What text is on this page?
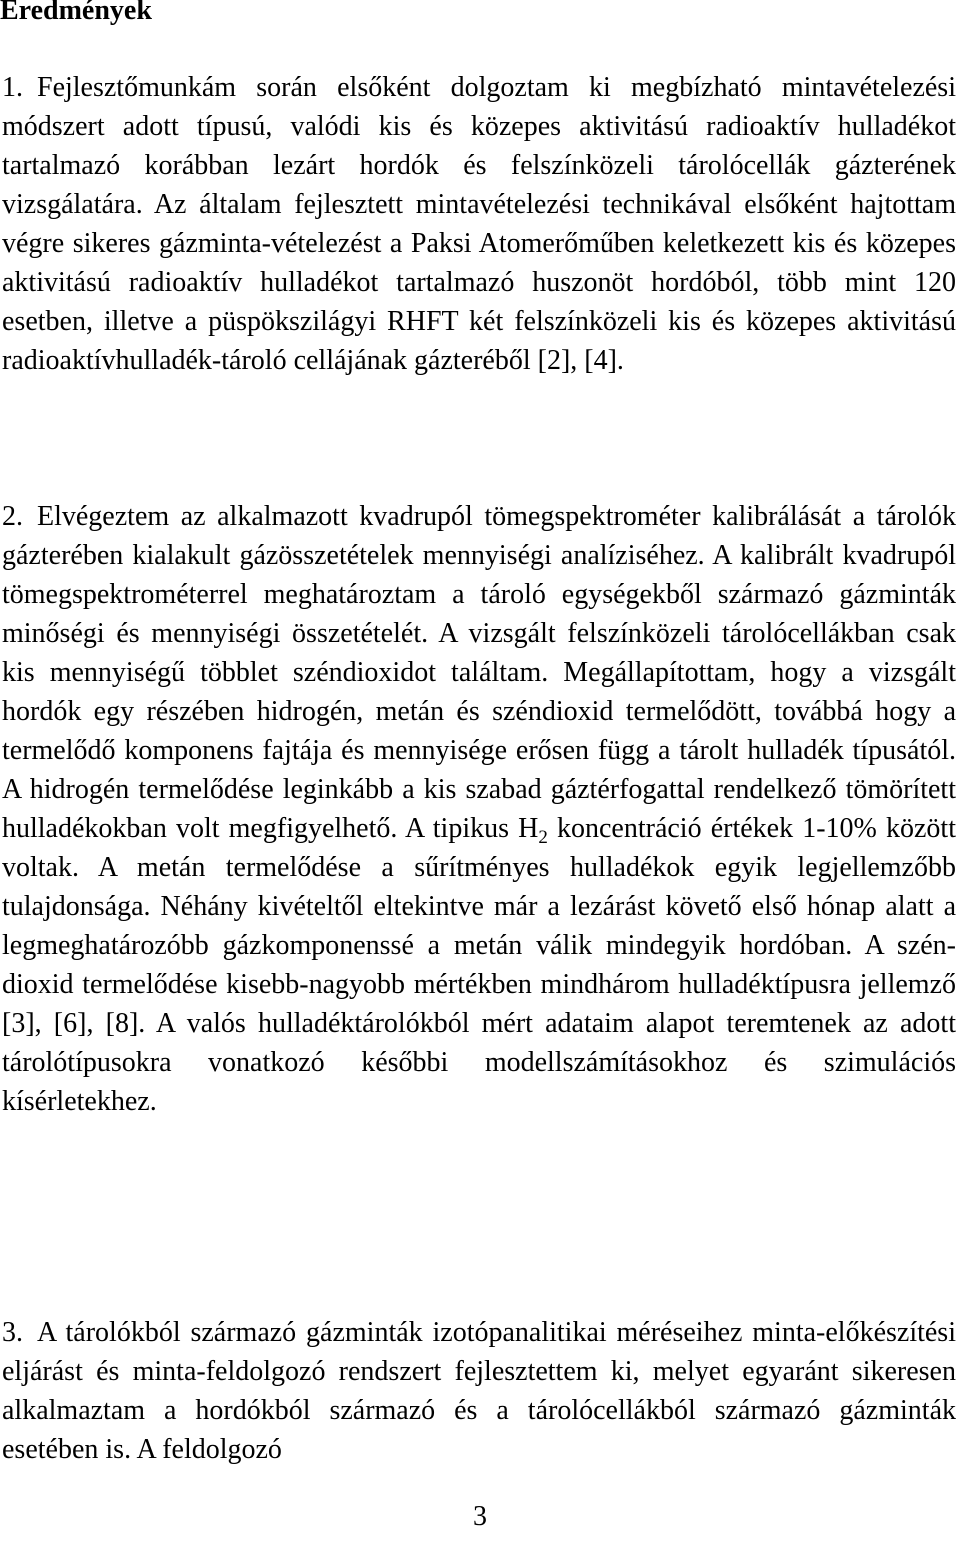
Eredmények

1. Fejlesztőmunkám során elsőként dolgoztam ki megbízható mintavételezési módszert adott típusú, valódi kis és közepes aktivitású radioaktív hulladékot tartalmazó korábban lezárt hordók és felszínközeli tárolócellák gázterének vizsgálatára. Az általam fejlesztett mintavételezési technikával elsőként hajtottam végre sikeres gázminta-vételezést a Paksi Atomerőműben keletkezett kis és közepes aktivitású radioaktív hulladékot tartalmazó huszonöt hordóból, több mint 120 esetben, illetve a püspökszilágyi RHFT két felszínközeli kis és közepes aktivitású radioaktívhulladék-tároló cellájának gázteréből [2], [4].

2. Elvégeztem az alkalmazott kvadrupól tömegspektrométer kalibrálását a tárolók gázterében kialakult gázösszetételek mennyiségi analíziséhez. A kalibrált kvadrupól tömegspektrométerrel meghatároztam a tároló egységekből származó gázminták minőségi és mennyiségi összetételét. A vizsgált felszínközeli tárolócellákban csak kis mennyiségű többlet széndioxidot találtam. Megállapítottam, hogy a vizsgált hordók egy részében hidrogén, metán és széndioxid termelődött, továbbá hogy a termelődő komponens fajtája és mennyisége erősen függ a tárolt hulladék típusától. A hidrogén termelődése leginkább a kis szabad gáztérfogattal rendelkező tömörített hulladékokban volt megfigyelhető. A tipikus $H_2$ koncentráció értékek 1-10% között voltak. A metán termelődése a sűrítményes hulladékok egyik legjellemzőbb tulajdonsága. Néhány kivételtől eltekintve már a lezárást követő első hónap alatt a legmeghatározóbb gázkomponenssé a metán válik mindegyik hordóban. A szén-dioxid termelődése kisebb-nagyobb mértékben mindhárom hulladéktípusra jellemző [3], [6], [8]. A valós hulladéktárolókból mért adataim alapot teremtenek az adott tárolótípusokra vonatkozó későbbi modellszámításokhoz és szimulációs kísérletekhez.

3. A tárolókból származó gázminták izotópanalitikai méréseihez minta-előkészítési eljárást és minta-feldolgozó rendszert fejlesztettem ki, melyet egyaránt sikeresen alkalmaztam a hordókból származó és a tárolócellákból származó gázminták esetében is. A feldolgozó

3
